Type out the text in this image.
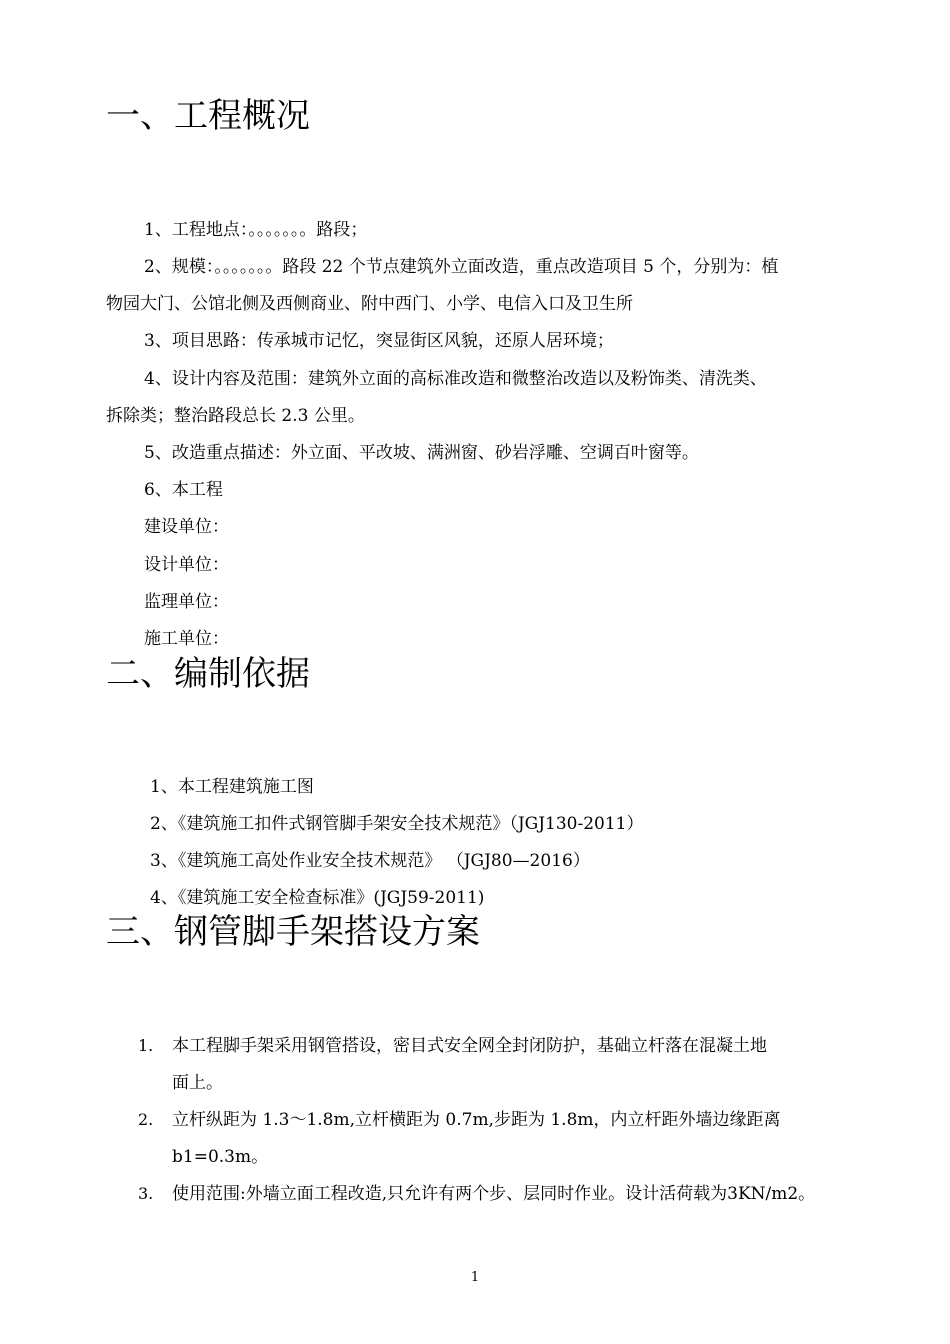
一、工程概况
1、工程地点：。。。。。。。路段；
2、规模：。。。。。。。路段 22 个节点建筑外立面改造，重点改造项目 5 个，分别为：植
物园大门、公馆北侧及西侧商业、附中西门、小学、电信入口及卫生所
3、项目思路：传承城市记忆，突显街区风貌，还原人居环境；
4、设计内容及范围：建筑外立面的高标准改造和微整治改造以及粉饰类、清洗类、
拆除类；整治路段总长 2.3 公里。
5、改造重点描述：外立面、平改坡、满洲窗、砂岩浮雕、空调百叶窗等。
6、本工程
建设单位：
设计单位：
监理单位：
施工单位：
二、编制依据
1、本工程建筑施工图
2、《建筑施工扣件式钢管脚手架安全技术规范》（JGJ130-2011）
3、《建筑施工高处作业安全技术规范》 （JGJ80—2016）
4、《建筑施工安全检查标准》(JGJ59-2011)
三、钢管脚手架搭设方案
1. 本工程脚手架采用钢管搭设，密目式安全网全封闭防护，基础立杆落在混凝土地
面上。
2. 立杆纵距为 1.3～1.8m,立杆横距为 0.7m,步距为 1.8m，内立杆距外墙边缘距离
b1=0.3m。
3. 使用范围:外墙立面工程改造,只允许有两个步、层同时作业。设计活荷载为3KN/m2。
1
